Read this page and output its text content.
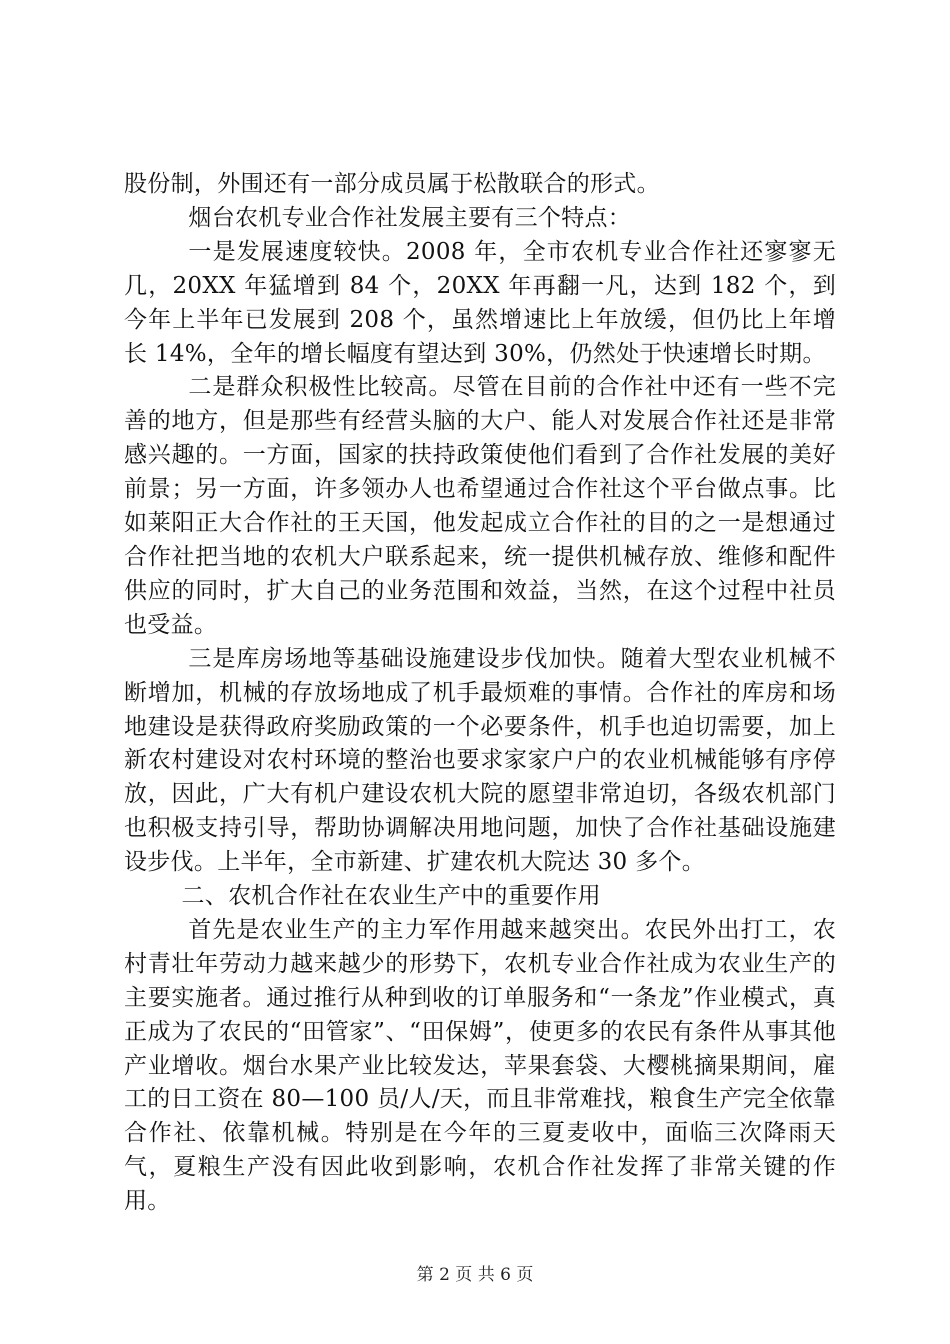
股份制，外围还有一部分成员属于松散联合的形式。

烟台农机专业合作社发展主要有三个特点：

一是发展速度较快。2008 年，全市农机专业合作社还寥寥无几，20XX 年猛增到 84 个，20XX 年再翻一凡，达到 182 个，到今年上半年已发展到 208 个，虽然增速比上年放缓，但仍比上年增长 14%，全年的增长幅度有望达到 30%，仍然处于快速增长时期。

二是群众积极性比较高。尽管在目前的合作社中还有一些不完善的地方，但是那些有经营头脑的大户、能人对发展合作社还是非常感兴趣的。一方面，国家的扶持政策使他们看到了合作社发展的美好前景；另一方面，许多领办人也希望通过合作社这个平台做点事。比如莱阳正大合作社的王天国，他发起成立合作社的目的之一是想通过合作社把当地的农机大户联系起来，统一提供机械存放、维修和配件供应的同时，扩大自己的业务范围和效益，当然，在这个过程中社员也受益。

三是库房场地等基础设施建设步伐加快。随着大型农业机械不断增加，机械的存放场地成了机手最烦难的事情。合作社的库房和场地建设是获得政府奖励政策的一个必要条件，机手也迫切需要，加上新农村建设对农村环境的整治也要求家家户户的农业机械能够有序停放，因此，广大有机户建设农机大院的愿望非常迫切，各级农机部门也积极支持引导，帮助协调解决用地问题，加快了合作社基础设施建设步伐。上半年，全市新建、扩建农机大院达 30 多个。

二、农机合作社在农业生产中的重要作用

首先是农业生产的主力军作用越来越突出。农民外出打工，农村青壮年劳动力越来越少的形势下，农机专业合作社成为农业生产的主要实施者。通过推行从种到收的订单服务和“一条龙”作业模式，真正成为了农民的“田管家”、“田保姆”，使更多的农民有条件从事其他产业增收。烟台水果产业比较发达，苹果套袋、大樱桃摘果期间，雇工的日工资在 80—100 员/人/天，而且非常难找，粮食生产完全依靠合作社、依靠机械。特别是在今年的三夏麦收中，面临三次降雨天气，夏粮生产没有因此收到影响，农机合作社发挥了非常关键的作用。

第 2 页 共 6 页
